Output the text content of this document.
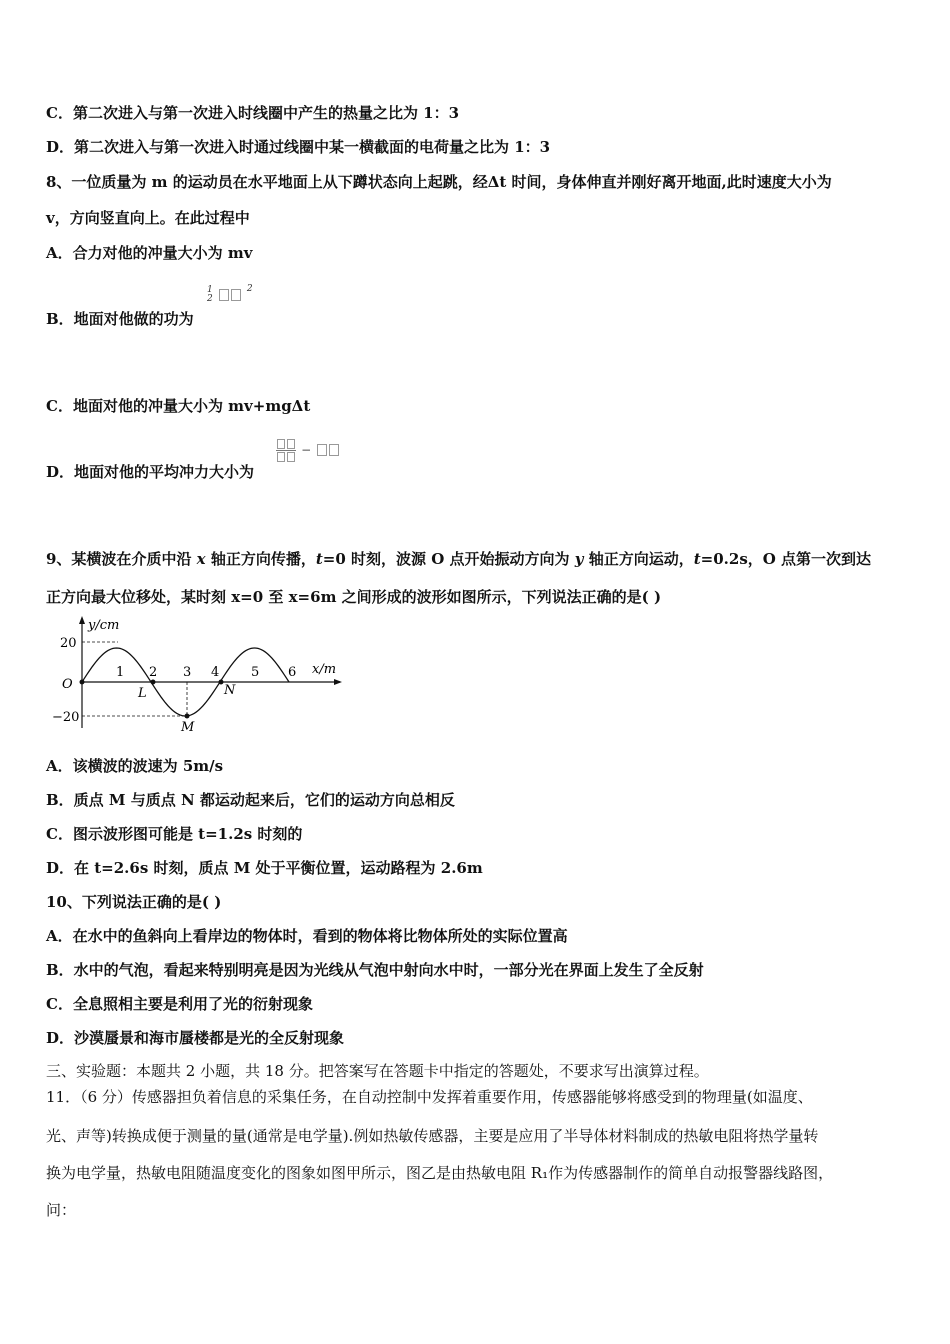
C．第二次进入与第一次进入时线圈中产生的热量之比为 1：3
D．第二次进入与第一次进入时通过线圈中某一横截面的电荷量之比为 1：3
8、一位质量为 m 的运动员在水平地面上从下蹲状态向上起跳，经Δt 时间，身体伸直并刚好离开地面,此时速度大小为
v，方向竖直向上。在此过程中
A．合力对他的冲量大小为 mv
B．地面对他做的功为
1
2  $^2$
C．地面对他的冲量大小为 mv+mgΔt
D．地面对他的平均冲力大小为

−
9、某横波在介质中沿 x 轴正方向传播，t=0 时刻，波源 O 点开始振动方向为 y 轴正方向运动，t=0.2s，O 点第一次到达
正方向最大位移处，某时刻 x=0 至 x=6m 之间形成的波形如图所示，下列说法正确的是( )
y/cm
x/m
O
20
−20
1 2 3 4 5 6
L
M
N
A．该横波的波速为 5m/s
B．质点 M 与质点 N 都运动起来后，它们的运动方向总相反
C．图示波形图可能是 t=1.2s 时刻的
D．在 t=2.6s 时刻，质点 M 处于平衡位置，运动路程为 2.6m
10、下列说法正确的是( )
A．在水中的鱼斜向上看岸边的物体时，看到的物体将比物体所处的实际位置高
B．水中的气泡，看起来特别明亮是因为光线从气泡中射向水中时，一部分光在界面上发生了全反射
C．全息照相主要是利用了光的衍射现象
D．沙漠蜃景和海市蜃楼都是光的全反射现象
三、实验题：本题共 2 小题，共 18 分。把答案写在答题卡中指定的答题处，不要求写出演算过程。
11．（6 分）传感器担负着信息的采集任务，在自动控制中发挥着重要作用，传感器能够将感受到的物理量(如温度、
光、声等)转换成便于测量的量(通常是电学量).例如热敏传感器，主要是应用了半导体材料制成的热敏电阻将热学量转
换为电学量，热敏电阻随温度变化的图象如图甲所示，图乙是由热敏电阻 R₁作为传感器制作的简单自动报警器线路图，
问：
